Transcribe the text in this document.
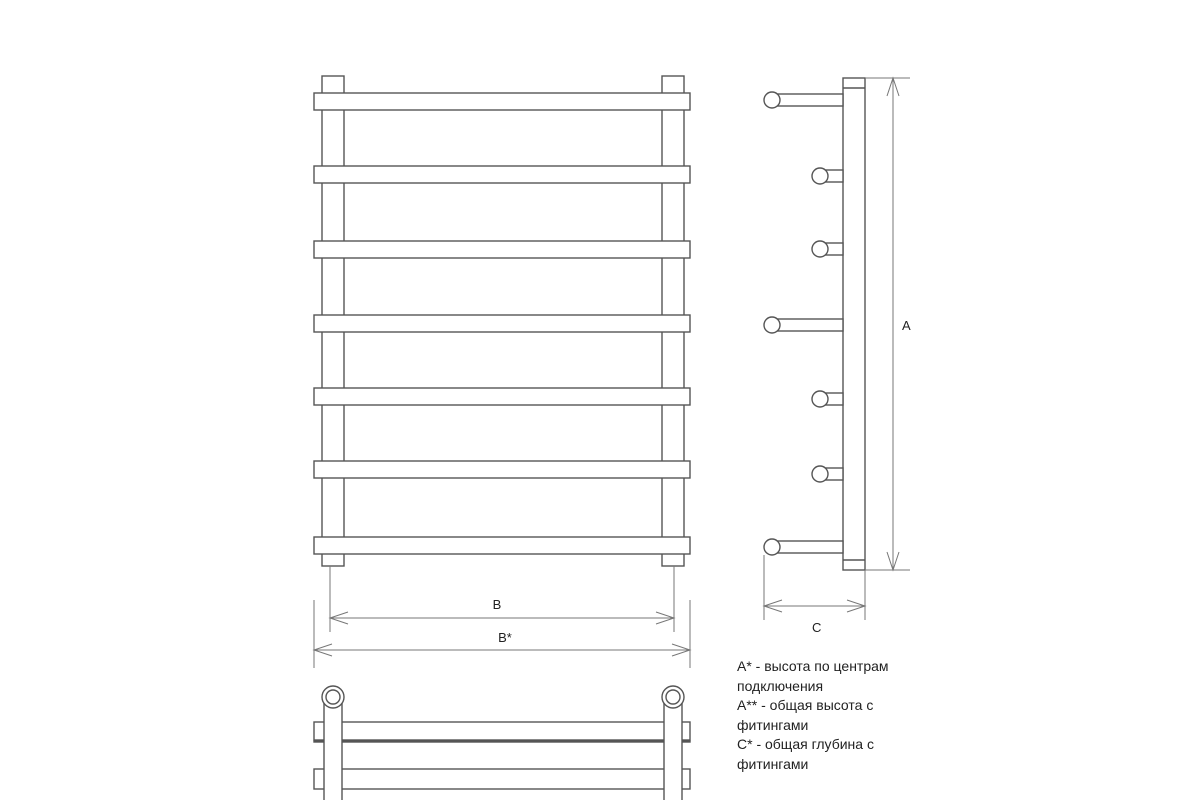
B
B*
A
C
A* - высота по центрам
подключения
A** - общая высота с
фитингами
С* - общая глубина с
фитингами
